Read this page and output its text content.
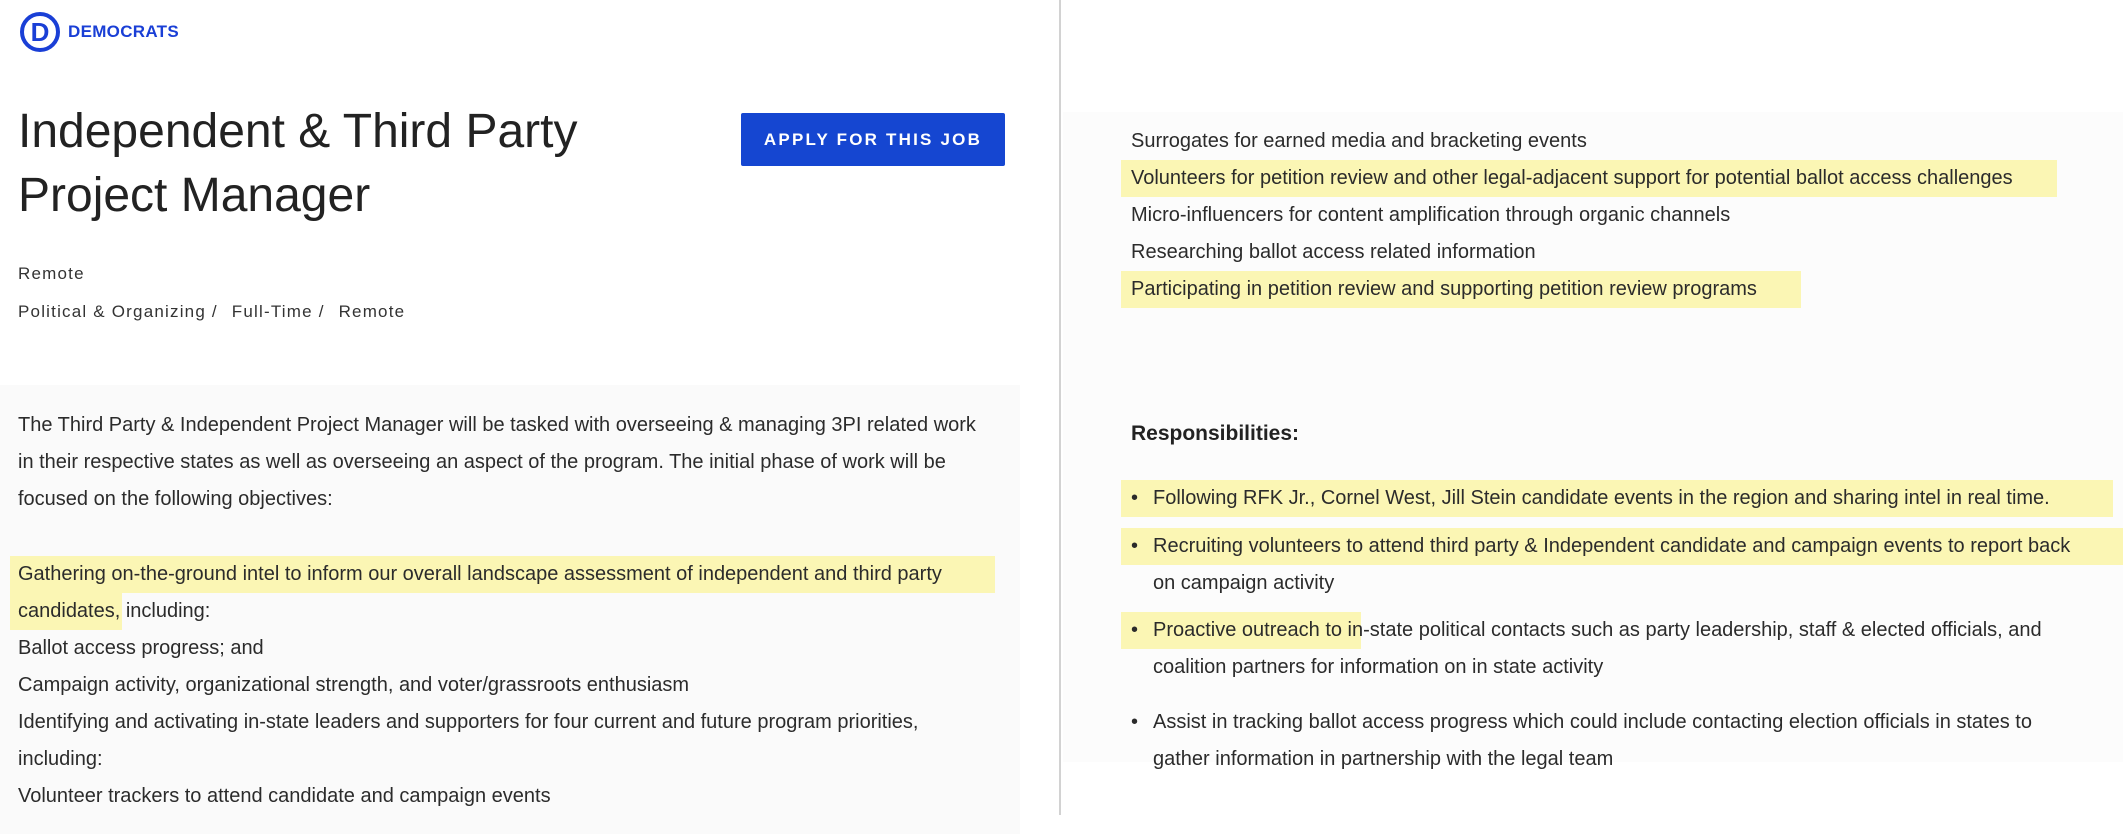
D DEMOCRATS
Independent & Third Party
Project Manager
APPLY FOR THIS JOB
Remote
Political & Organizing / Full-Time / Remote
The Third Party & Independent Project Manager will be tasked with overseeing & managing 3PI related work
in their respective states as well as overseeing an aspect of the program. The initial phase of work will be
focused on the following objectives:
Gathering on-the-ground intel to inform our overall landscape assessment of independent and third party
candidates, including:
Ballot access progress; and
Campaign activity, organizational strength, and voter/grassroots enthusiasm
Identifying and activating in-state leaders and supporters for four current and future program priorities,
including:
Volunteer trackers to attend candidate and campaign events
Surrogates for earned media and bracketing events
Volunteers for petition review and other legal-adjacent support for potential ballot access challenges
Micro-influencers for content amplification through organic channels
Researching ballot access related information
Participating in petition review and supporting petition review programs
Responsibilities:
• Following RFK Jr., Cornel West, Jill Stein candidate events in the region and sharing intel in real time.
• Recruiting volunteers to attend third party & Independent candidate and campaign events to report back
on campaign activity
• Proactive outreach to in-state political contacts such as party leadership, staff & elected officials, and
coalition partners for information on in state activity
• Assist in tracking ballot access progress which could include contacting election officials in states to
gather information in partnership with the legal team
